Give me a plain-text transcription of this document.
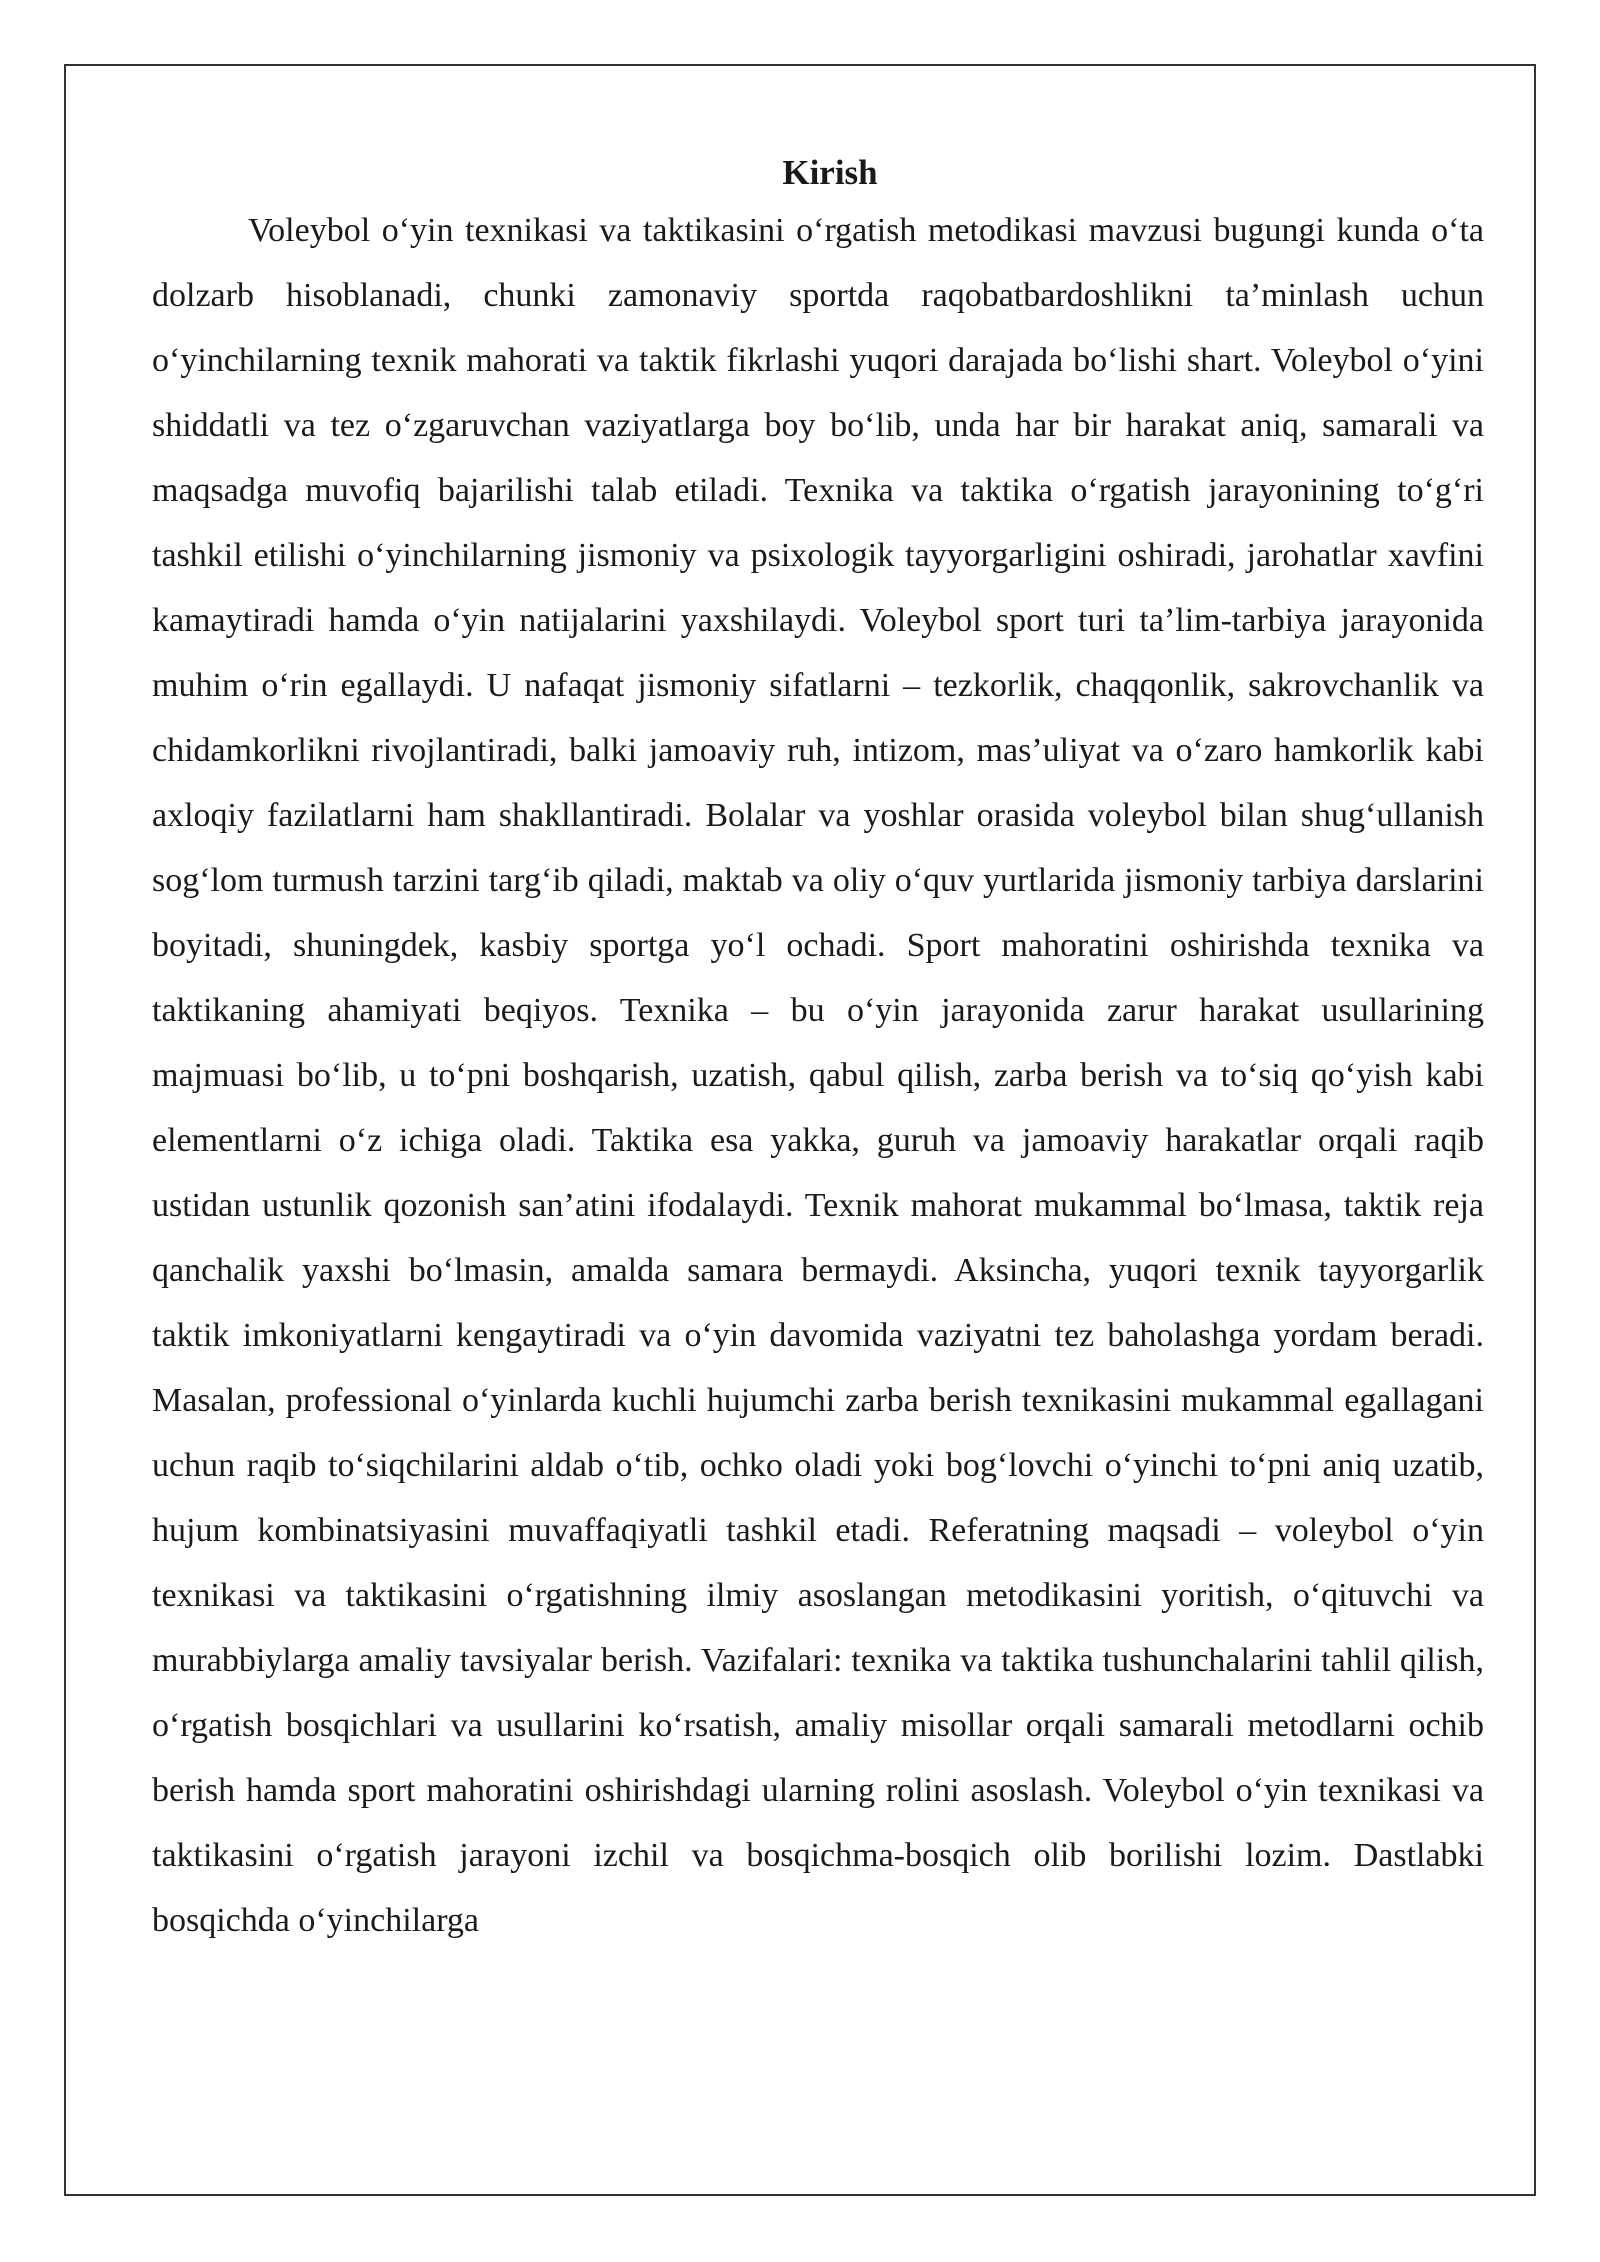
Kirish

Voleybol o‘yin texnikasi va taktikasini o‘rgatish metodikasi mavzusi bugungi kunda o‘ta dolzarb hisoblanadi, chunki zamonaviy sportda raqobatbardoshlikni ta’minlash uchun o‘yinchilarning texnik mahorati va taktik fikrlashi yuqori darajada bo‘lishi shart. Voleybol o‘yini shiddatli va tez o‘zgaruvchan vaziyatlarga boy bo‘lib, unda har bir harakat aniq, samarali va maqsadga muvofiq bajarilishi talab etiladi. Texnika va taktika o‘rgatish jarayonining to‘g‘ri tashkil etilishi o‘yinchilarning jismoniy va psixologik tayyorgarligini oshiradi, jarohatlar xavfini kamaytiradi hamda o‘yin natijalarini yaxshilaydi. Voleybol sport turi ta’lim-tarbiya jarayonida muhim o‘rin egallaydi. U nafaqat jismoniy sifatlarni – tezkorlik, chaqqonlik, sakrovchanlik va chidamkorlikni rivojlantiradi, balki jamoaviy ruh, intizom, mas’uliyat va o‘zaro hamkorlik kabi axloqiy fazilatlarni ham shakllantiradi. Bolalar va yoshlar orasida voleybol bilan shug‘ullanish sog‘lom turmush tarzini targ‘ib qiladi, maktab va oliy o‘quv yurtlarida jismoniy tarbiya darslarini boyitadi, shuningdek, kasbiy sportga yo‘l ochadi. Sport mahoratini oshirishda texnika va taktikaning ahamiyati beqiyos. Texnika – bu o‘yin jarayonida zarur harakat usullarining majmuasi bo‘lib, u to‘pni boshqarish, uzatish, qabul qilish, zarba berish va to‘siq qo‘yish kabi elementlarni o‘z ichiga oladi. Taktika esa yakka, guruh va jamoaviy harakatlar orqali raqib ustidan ustunlik qozonish san’atini ifodalaydi. Texnik mahorat mukammal bo‘lmasa, taktik reja qanchalik yaxshi bo‘lmasin, amalda samara bermaydi. Aksincha, yuqori texnik tayyorgarlik taktik imkoniyatlarni kengaytiradi va o‘yin davomida vaziyatni tez baholashga yordam beradi. Masalan, professional o‘yinlarda kuchli hujumchi zarba berish texnikasini mukammal egallagani uchun raqib to‘siqchilarini aldab o‘tib, ochko oladi yoki bog‘lovchi o‘yinchi to‘pni aniq uzatib, hujum kombinatsiyasini muvaffaqiyatli tashkil etadi. Referatning maqsadi – voleybol o‘yin texnikasi va taktikasini o‘rgatishning ilmiy asoslangan metodikasini yoritish, o‘qituvchi va murabbiylarga amaliy tavsiyalar berish. Vazifalari: texnika va taktika tushunchalarini tahlil qilish, o‘rgatish bosqichlari va usullarini ko‘rsatish, amaliy misollar orqali samarali metodlarni ochib berish hamda sport mahoratini oshirishdagi ularning rolini asoslash. Voleybol o‘yin texnikasi va taktikasini o‘rgatish jarayoni izchil va bosqichma-bosqich olib borilishi lozim. Dastlabki bosqichda o‘yinchilarga
